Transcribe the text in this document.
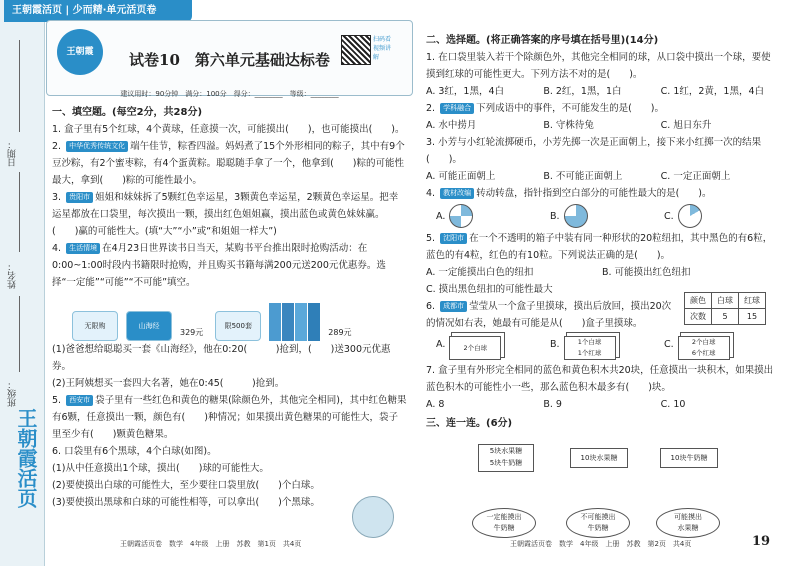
日期：
姓名：
班级：
王朝霞活页
王朝霞活页 | 少而精·单元活页卷
王朝霞	试卷10　第六单元基础达标卷
扫码看视频讲解
建议用时：90分钟　满分：100分　得分：________　等级：________
一、填空题。(每空2分，共28分)

1. 盒子里有5个红球，4个黄球，任意摸一次，可能摸出(　　)，也可能摸出(　　)。

2. 中华优秀传统文化 端午佳节，粽香四溢。妈妈煮了15个外形相同的粽子，其中有9个豆沙粽，有2个蜜枣粽，有4个蛋黄粽。聪聪随手拿了一个，他拿到(　　)粽的可能性最大，拿到(　　)粽的可能性最小。

3. 贵阳市 姐姐和妹妹拆了5颗红色幸运星，3颗黄色幸运星，2颗黄色幸运星。把幸运星都放在口袋里，每次摸出一颗，摸出红色姐姐赢，摸出蓝色或黄色妹妹赢。(　　)赢的可能性大。(填“大”“小”或“和姐姐一样大”)

4. 生活情境 在4月23日世界读书日当天，某购书平台推出限时抢购活动：在0:00~1:00时段内书籍限时抢购，并且购买书籍每满200元送200元优惠券。选择“一定能”“可能”“不可能”填空。

无限购	山海经
329元
限500套
289元

(1)爸爸想给聪聪买一套《山海经》，他在0:20(　　　)抢到，(　　)送300元优惠券。

(2)王阿姨想买一套四大名著，她在0:45(　　　)抢到。

5. 西安市 袋子里有一些红色和黄色的糖果(除颜色外，其他完全相同)，其中红色糖果有6颗，任意摸出一颗，颜色有(　　)种情况；如果摸出黄色糖果的可能性大，袋子里至少有(　　)颗黄色糖果。

6. 口袋里有6个黑球，4个白球(如图)。

(1)从中任意摸出1个球，摸出(　　)球的可能性大。

(2)要使摸出白球的可能性大，至少要往口袋里放(　　)个白球。

(3)要使摸出黑球和白球的可能性相等，可以拿出(　　)个黑球。

王朝霞活页卷　数学　4年级　上册　苏教　第1页　共4页
二、选择题。(将正确答案的序号填在括号里)(14分)

1. 在口袋里装入若干个除颜色外，其他完全相同的球，从口袋中摸出一个球，要使摸到红球的可能性更大。下列方法不对的是(　　)。

A. 3红，1黑，4白	B. 2红，1黑，1白	C. 1红，2黄，1黑，4白

2. 学科融合 下列成语中的事件，不可能发生的是(　　)。

A. 水中捞月	B. 守株待兔	C. 旭日东升

3. 小芳与小红轮流掷硬币，小芳先掷一次是正面朝上，接下来小红掷一次的结果(　　)。

A. 可能正面朝上	B. 不可能正面朝上	C. 一定正面朝上

4. 教材改编 转动转盘，指针指到空白部分的可能性最大的是(　　)。

A.	B.	C.

5. 沈阳市 在一个不透明的箱子中装有同一种形状的20粒纽扣，其中黑色的有6粒，蓝色的有4粒，红色的有10粒。下列说法正确的是(　　)。

A. 一定能摸出白色的纽扣	B. 可能摸出红色纽扣

C. 摸出黑色纽扣的可能性最大

6. 成都市 莹莹从一个盒子里摸球，摸出后放回，摸出20次的情况如右表，她最有可能是从(　　)盒子里摸球。

A.	2个白球	B.	1个白球
1个红球
C.	2个白球
6个红球

7. 盒子里有外形完全相同的蓝色和黄色积木共20块，任意摸出一块积木，如果摸出蓝色积木的可能性小一些，那么蓝色积木最多有(　　)块。

A. 8	B. 9	C. 10
三、连一连。(6分)
颜色	白球	红球
次数	5	15
5块水果糖
5块牛奶糖
10块水果糖	10块牛奶糖
一定能摸出
牛奶糖
不可能摸出
牛奶糖
可能摸出
水果糖
王朝霞活页卷　数学　4年级　上册　苏教　第2页　共4页	19
